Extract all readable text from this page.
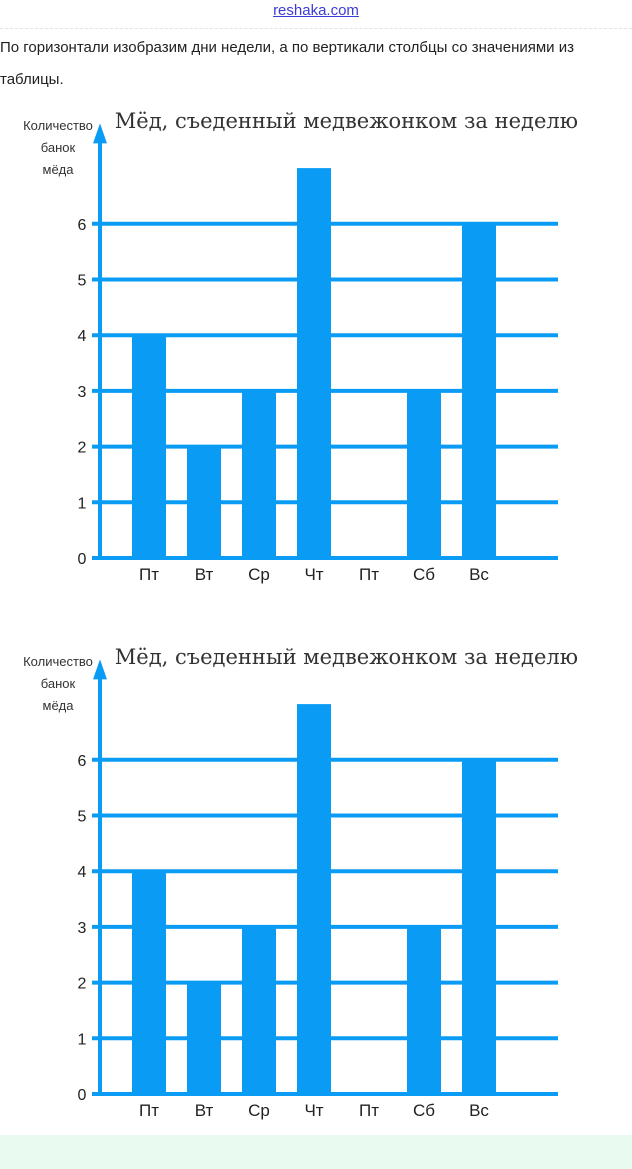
reshaka.com
По горизонтали изобразим дни недели, а по вертикали столбцы со значениями из таблицы.
Мёд, съеденный медвежонком за неделю
Количество
банок
мёда
0
1
2
3
4
5
6
Пт Вт Ср Чт Пт Сб Вс
Мёд, съеденный медвежонком за неделю
Количество
банок
мёда
0
1
2
3
4
5
6
Пт Вт Ср Чт Пт Сб Вс
